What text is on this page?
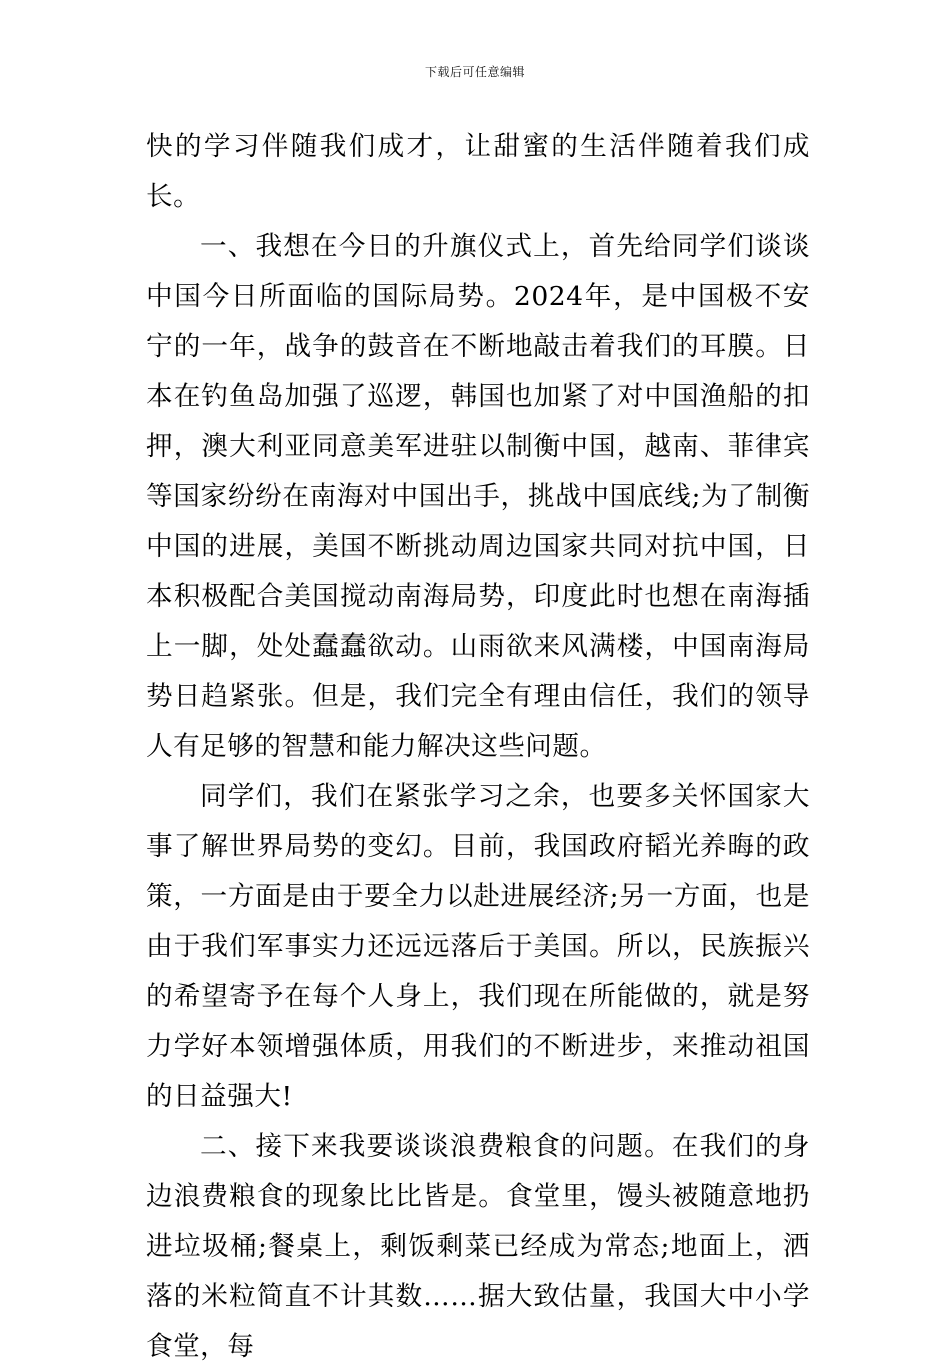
下载后可任意编辑

快的学习伴随我们成才，让甜蜜的生活伴随着我们成长。

一、我想在今日的升旗仪式上，首先给同学们谈谈中国今日所面临的国际局势。2024年，是中国极不安宁的一年，战争的鼓音在不断地敲击着我们的耳膜。日本在钓鱼岛加强了巡逻，韩国也加紧了对中国渔船的扣押，澳大利亚同意美军进驻以制衡中国，越南、菲律宾等国家纷纷在南海对中国出手，挑战中国底线;为了制衡中国的进展，美国不断挑动周边国家共同对抗中国，日本积极配合美国搅动南海局势，印度此时也想在南海插上一脚，处处蠢蠢欲动。山雨欲来风满楼，中国南海局势日趋紧张。但是，我们完全有理由信任，我们的领导人有足够的智慧和能力解决这些问题。

同学们，我们在紧张学习之余，也要多关怀国家大事了解世界局势的变幻。目前，我国政府韬光养晦的政策，一方面是由于要全力以赴进展经济;另一方面，也是由于我们军事实力还远远落后于美国。所以，民族振兴的希望寄予在每个人身上，我们现在所能做的，就是努力学好本领增强体质，用我们的不断进步，来推动祖国的日益强大!

二、接下来我要谈谈浪费粮食的问题。在我们的身边浪费粮食的现象比比皆是。食堂里，馒头被随意地扔进垃圾桶;餐桌上，剩饭剩菜已经成为常态;地面上，洒落的米粒简直不计其数……据大致估量，我国大中小学食堂，每
